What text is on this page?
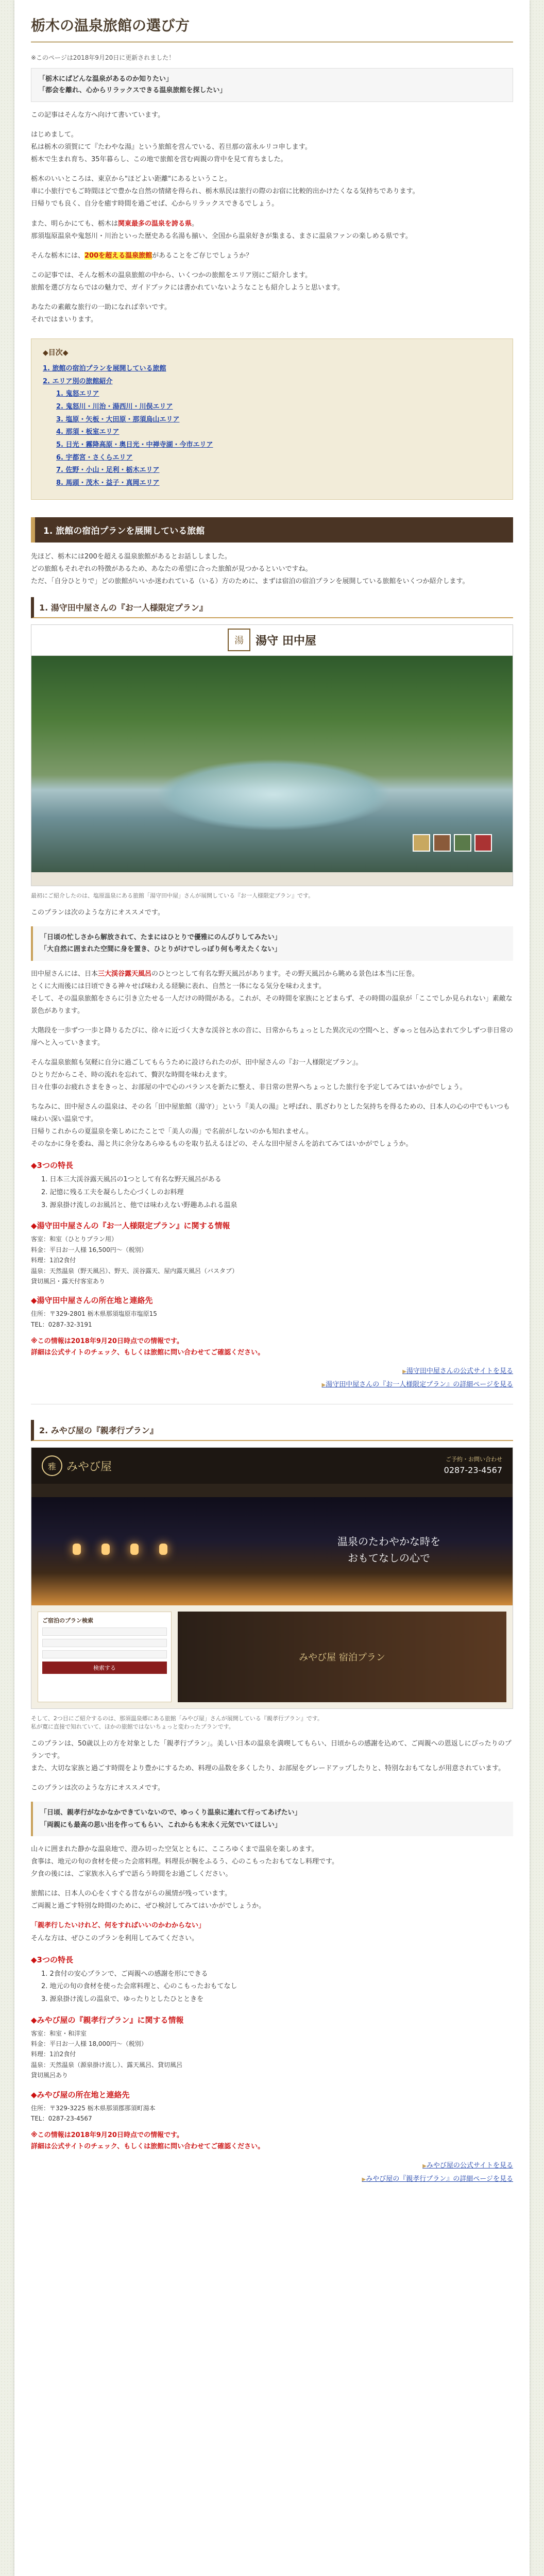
栃木の温泉旅館の選び方
※このページは2018年9月20日に更新されました！
「栃木にぱどんな温泉があるのか知りたい」
「都会を離れ、心からリラックスできる温泉旅館を探したい」

この記事はそんな方へ向けて書いています。

はじめまして。
私は栃木の須賀にて『たわやな湯』という旅館を営んでいる、若旦那の富永ルリコ申します。
栃木で生まれ育ち、35年暮らし、この地で旅館を営む両親の背中を見て育ちました。

栃木のいいところは、東京から"ほどよい距離"にあるということ。
車に小旅行でもご時間ほどで豊かな自然の情緒を得られ、栃木県民は旅行の際のお宿に比較的出かけたくなる気持ちであります。
日帰りでも良く、自分を癒す時間を過ごせば、心からリラックスできるでしょう。

また、明らかにても、栃木は関東最多の温泉を誇る県。
那須塩原温泉や鬼怒川・川治といった歴史ある名湯も揃い、全国から温泉好きが集まる、まさに温泉ファンの楽しめる県です。

そんな栃木には、200を超える温泉旅館があることをご存じでしょうか？

この記事では、そんな栃木の温泉旅館の中から、いくつかの旅館をエリア別にご紹介します。
旅館を選び方ならではの魅力で、ガイドブックには書かれていないようなことも紹介しようと思います。

あなたの素敵な旅行の一助になれば幸いです。
それではまいります。

◆目次◆
1. 旅館の宿泊プランを展開している旅館
2. エリア別の旅館紹介
1. 鬼怒エリア
2. 鬼怒川・川治・湯西川・川俣エリア
3. 塩原・矢板・大田原・那須烏山エリア
4. 那須・板室エリア
5. 日光・霧降高原・奥日光・中禅寺湖・今市エリア
6. 宇都宮・さくらエリア
7. 佐野・小山・足利・栃木エリア
8. 馬頭・茂木・益子・真岡エリア
1. 旅館の宿泊プランを展開している旅館

先ほど、栃木には200を超える温泉旅館があるとお話ししました。
どの旅館もそれぞれの特徴があるため、あなたの希望に合った旅館が見つかるといいですね。
ただ、「自分ひとりで」どの旅館がいいか迷われている（いる）方のために、まずは宿泊の宿泊プランを展開している旅館をいくつか紹介します。

1. 湯守田中屋さんの『お一人様限定プラン』
湯	湯守 田中屋
最初にご紹介したのは、塩原温泉にある旅館「湯守田中屋」さんが展開している『お一人様限定プラン』です。

このプランは次のような方にオススメです。

「日頃の忙しさから解放されて、たまにはひとりで優雅にのんびりしてみたい」
「大自然に囲まれた空間に身を置き、ひとりがけでしっぽり何も考えたくない」

田中屋さんには、日本三大渓谷露天風呂のひとつとして有名な野天風呂があります。その野天風呂から眺める景色は本当に圧巻。
とくに大雨後には日頃できる神々せば味わえる経験に表れ、自然と一体になる気分を味わえます。
そして、その温泉旅館をさらに引き立たせる一人だけの時間がある。これが、その時間を家族にとどまらず、その時間の温泉が「ここでしか見られない」素敵な景色があります。

大階段を一歩ずつ一歩と降りるたびに、徐々に近づく大きな渓谷と水の音に、日常からちょっとした異次元の空間へと、ぎゅっと包み込まれて少しずつ非日常の扉へと入っていきます。

そんな温泉旅館も気軽に自分に過ごしてもらうために設けられたのが、田中屋さんの『お一人様限定プラン』。
ひとりだからこそ、時の流れを忘れて、贅沢な時間を味わえます。
日々仕事のお疲れさまをきっと、お部屋の中で心のバランスを新たに整え、非日常の世界へちょっとした旅行を予定してみてはいかがでしょう。

ちなみに、田中屋さんの温泉は、その名「田中屋旅館（湯守）」という『美人の湯』と呼ばれ、肌ざわりとした気持ちを得るための、日本人の心の中でもいつも味わい深い温泉です。
日帰りこれからの夏温泉を楽しめにたことで「美人の湯」で名前がしないのかも知れません。
そのなかに身を委ね、湯と共に余分なあらゆるものを取り払えるほどの、そんな田中屋さんを訪れてみてはいかがでしょうか。

◆3つの特長
1. 日本三大渓谷露天風呂の1つとして有名な野天風呂がある
2. 記憶に残る工夫を凝らした心づくしのお料理
3. 源泉掛け流しのお風呂と、他では味わえない野趣あふれる温泉
◆湯守田中屋さんの『お一人様限定プラン』に関する情報
客室：和室（ひとりプラン用）
料金：平日お一人様 16,500円～（税別）
料理：1泊2食付
温泉：天然温泉（野天風呂）、野天、渓谷露天、屋内露天風呂（バスタブ）
貸切風呂・露天付客室あり
◆湯守田中屋さんの所在地と連絡先
住所：〒329-2801 栃木県那須塩原市塩原15
TEL：0287-32-3191
※この情報は2018年9月20日時点での情報です。
詳細は公式サイトのチェック、もしくは旅館に問い合わせてご確認ください。
▶ 湯守田中屋さんの公式サイトを見る
▶ 湯守田中屋さんの『お一人様限定プラン』の詳細ページを見る
2. みやび屋の『親孝行プラン』
雅 みやび屋
ご予約・お問い合わせ
0287-23-4567
温泉のたわやかな時を
おもてなしの心で
ご宿泊のプラン検索
検索する
みやび屋 宿泊プラン
そして、2つ目にご紹介するのは、那須温泉郷にある旅館「みやび屋」さんが展開している『親孝行プラン』です。
私が寛に直接で知れていて、ほかの旅館ではないちょっと変わったプランです。

このプランは、50歳以上の方を対象とした「親孝行プラン」。美しい日本の温泉を満喫してもらい、日頃からの感謝を込めて、ご両親への恩返しにぴったりのプランです。
また、大切な家族と過ごす時間をより豊かにするため、料理の品数を多くしたり、お部屋をグレードアップしたりと、特別なおもてなしが用意されています。

このプランは次のような方にオススメです。

「日頃、親孝行がなかなかできていないので、ゆっくり温泉に連れて行ってあげたい」
「両親にも最高の思い出を作ってもらい、これからも末永く元気でいてほしい」

山々に囲まれた静かな温泉地で、澄み切った空気とともに、こころゆくまで温泉を楽しめます。
食事は、地元の旬の食材を使った会席料理。料理長が腕をふるう、心のこもったおもてなし料理です。
夕食の後には、ご家族水入らずで語らう時間をお過ごしください。

旅館には、日本人の心をくすぐる昔ながらの風情が残っています。
ご両親と過ごす特別な時間のために、ぜひ検討してみてはいかがでしょうか。

「親孝行したいけれど、何をすればいいのかわからない」
そんな方は、ぜひこのプランを利用してみてください。

◆3つの特長
1. 2食付の安心プランで、ご両親への感謝を形にできる
2. 地元の旬の食材を使った会席料理と、心のこもったおもてなし
3. 源泉掛け流しの温泉で、ゆったりとしたひとときを
◆みやび屋の『親孝行プラン』に関する情報
客室：和室・和洋室
料金：平日お一人様 18,000円～（税別）
料理：1泊2食付
温泉：天然温泉（源泉掛け流し）、露天風呂、貸切風呂
貸切風呂あり
◆みやび屋の所在地と連絡先
住所：〒329-3225 栃木県那須郡那須町湯本
TEL：0287-23-4567
※この情報は2018年9月20日時点での情報です。
詳細は公式サイトのチェック、もしくは旅館に問い合わせてご確認ください。
▶ みやび屋の公式サイトを見る
▶ みやび屋の『親孝行プラン』の詳細ページを見る
